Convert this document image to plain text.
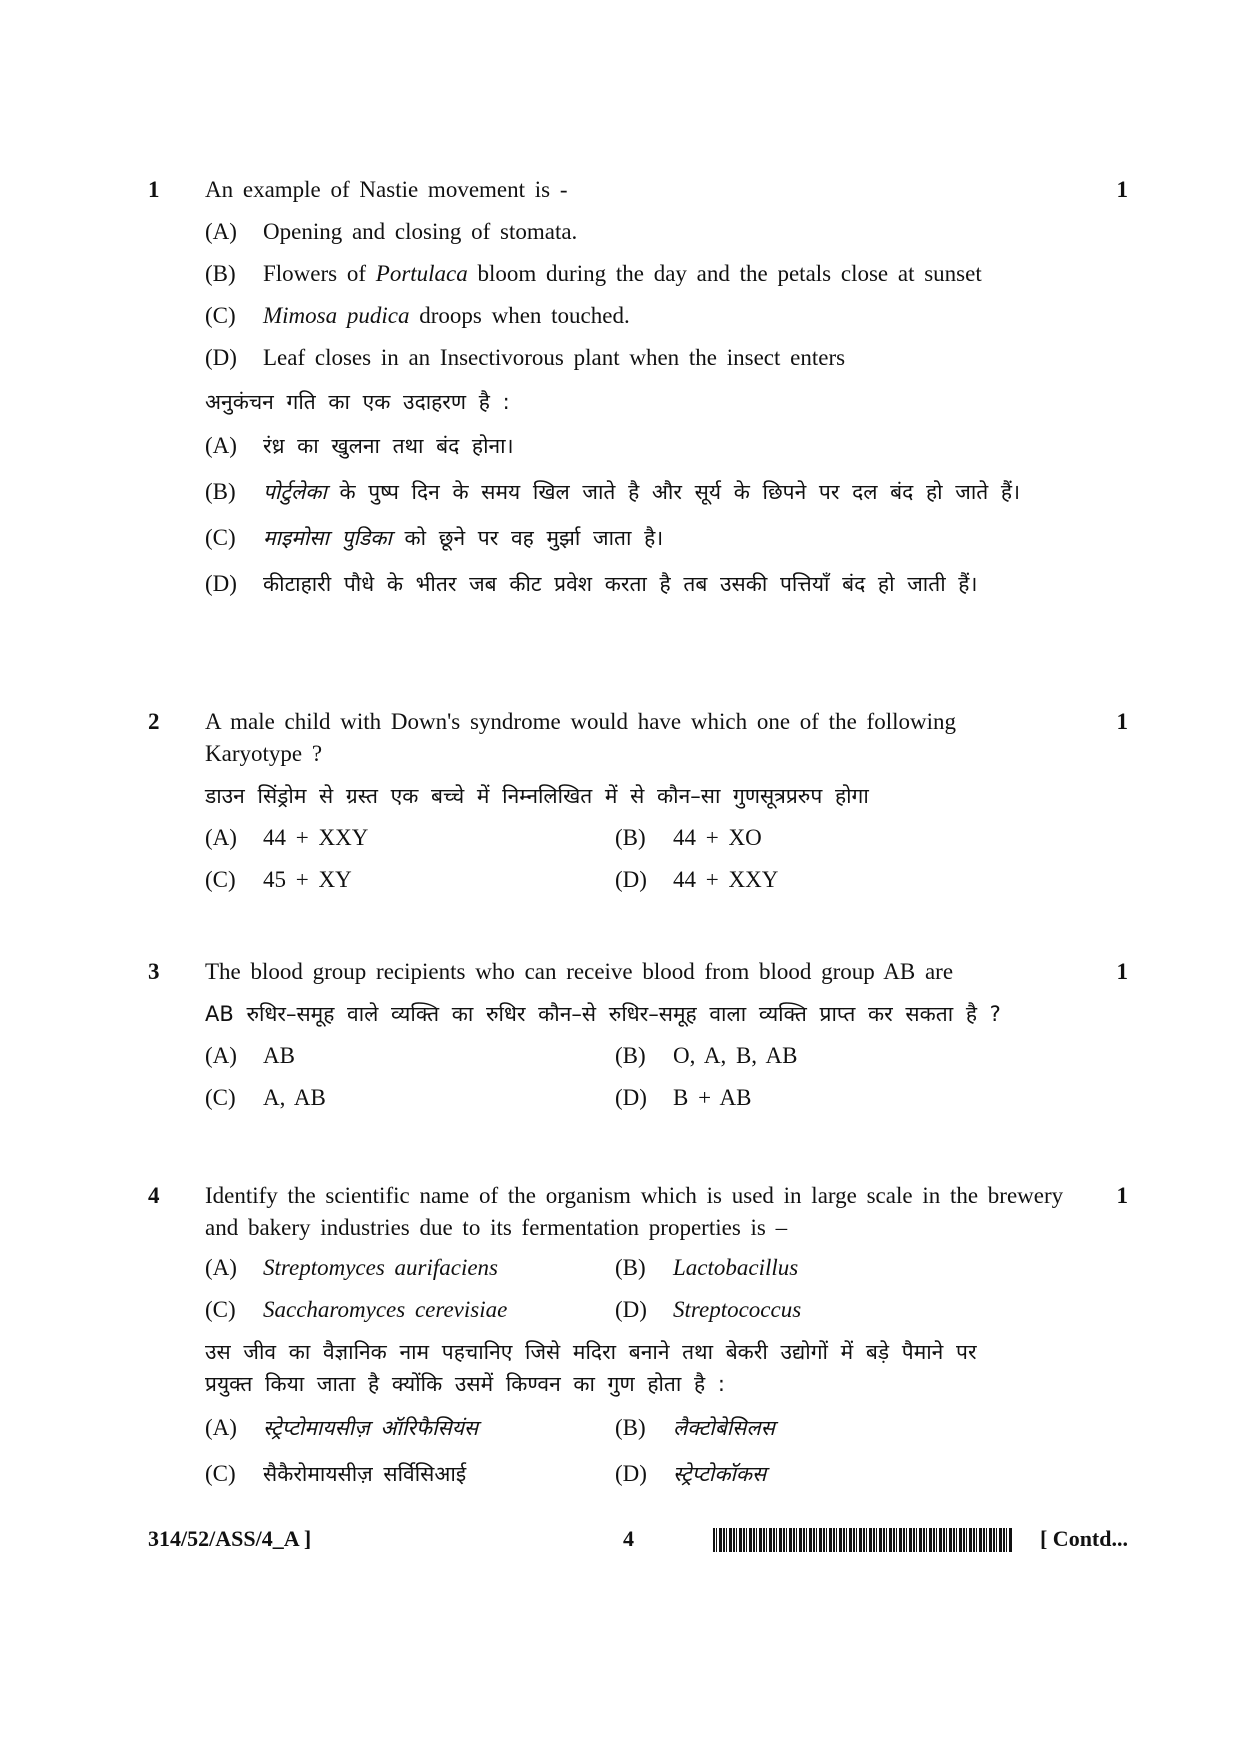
1 An example of Nastie movement is -	1
(A) Opening and closing of stomata.
(B) Flowers of Portulaca bloom during the day and the petals close at sunset
(C) Mimosa pudica droops when touched.
(D) Leaf closes in an Insectivorous plant when the insect enters
अनुकंचन गति का एक उदाहरण है :
(A) रंध्र का खुलना तथा बंद होना।
(B) पोर्टुलेका के पुष्प दिन के समय खिल जाते है और सूर्य के छिपने पर दल बंद हो जाते हैं।
(C) माइमोसा पुडिका को छूने पर वह मुर्झा जाता है।
(D) कीटाहारी पौधे के भीतर जब कीट प्रवेश करता है तब उसकी पत्तियाँ बंद हो जाती हैं।
2 A male child with Down's syndrome would have which one of the following Karyotype ?
1
डाउन सिंड्रोम से ग्रस्त एक बच्चे में निम्नलिखित में से कौन–सा गुणसूत्रप्ररुप होगा
(A) 44 + XXY	(B) 44 + XO
(C) 45 + XY	(D) 44 + XXY
3 The blood group recipients who can receive blood from blood group AB are	1
AB रुधिर–समूह वाले व्यक्ति का रुधिर कौन–से रुधिर–समूह वाला व्यक्ति प्राप्त कर सकता है ?
(A) AB	(B) O, A, B, AB
(C) A, AB	(D) B + AB
4 Identify the scientific name of the organism which is used in large scale in the brewery and bakery industries due to its fermentation properties is –
1
(A) Streptomyces aurifaciens	(B) Lactobacillus
(C) Saccharomyces cerevisiae	(D) Streptococcus
उस जीव का वैज्ञानिक नाम पहचानिए जिसे मदिरा बनाने तथा बेकरी उद्योगों में बड़े पैमाने पर प्रयुक्त किया जाता है क्योंकि उसमें किण्वन का गुण होता है :
(A) स्ट्रेप्टोमायसीज़ ऑरिफैसियंस	(B) लैक्टोबेसिलस
(C) सैकैरोमायसीज़ सर्विसिआई	(D) स्ट्रेप्टोकॉकस
314/52/ASS/4_A ]	4	[ Contd...
